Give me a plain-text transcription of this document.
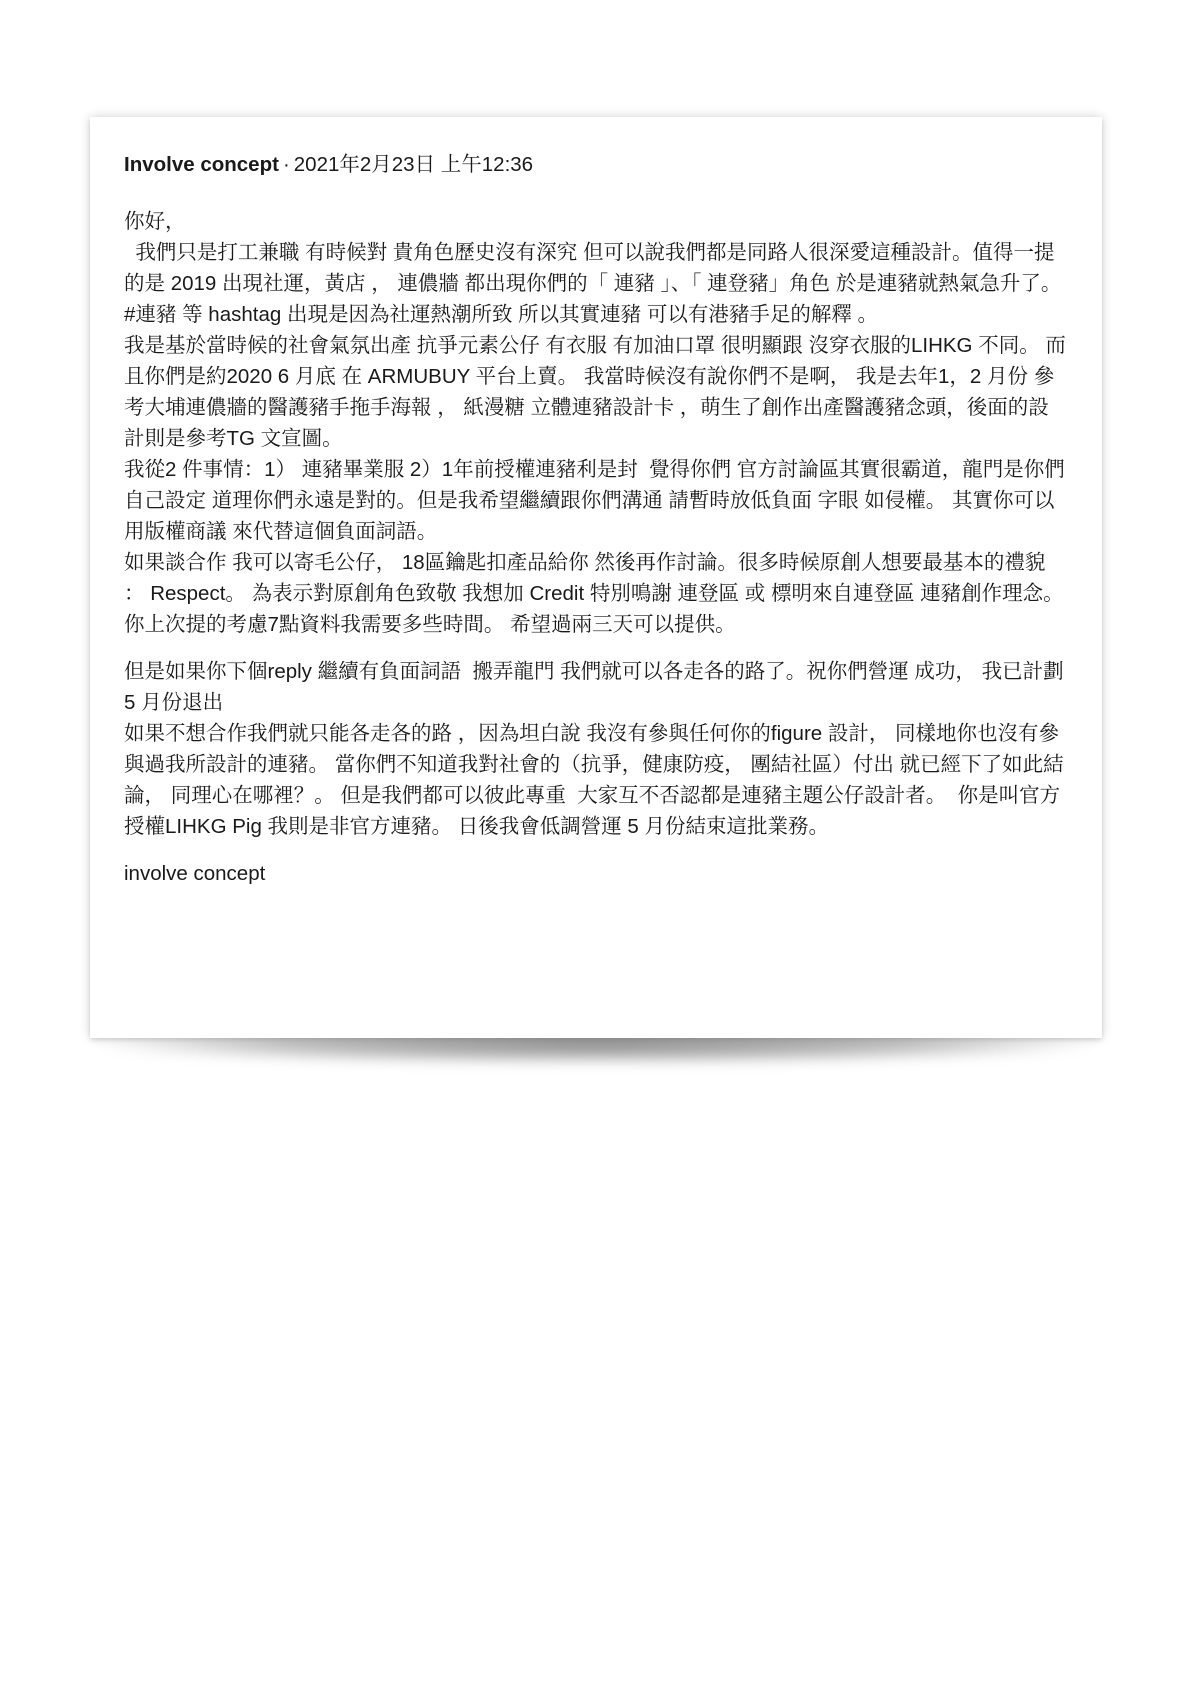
Involve concept · 2021年2月23日 上午12:36

你好，

我們只是打工兼職 有時候對 貴角色歷史沒有深究 但可以說我們都是同路人很深愛這種設計。值得一提的是 2019 出現社運，黃店 ， 連儂牆 都出現你們的「 連豬 」、「 連登豬」角色 於是連豬就熱氣急升了。 #連豬 等 hashtag 出現是因為社運熱潮所致 所以其實連豬 可以有港豬手足的解釋 。

我是基於當時候的社會氣氛出產 抗爭元素公仔 有衣服 有加油口罩 很明顯跟 沒穿衣服的LIHKG 不同。 而且你們是約2020 6 月底 在 ARMUBUY 平台上賣。 我當時候沒有說你們不是啊， 我是去年1，2 月份 參考大埔連儂牆的醫護豬手拖手海報 ， 紙漫糖 立體連豬設計卡 ，萌生了創作出產醫護豬念頭，後面的設計則是參考TG 文宣圖。

我從2 件事情：1） 連豬畢業服 2）1年前授權連豬利是封  覺得你們 官方討論區其實很霸道，龍門是你們自己設定 道理你們永遠是對的。但是我希望繼續跟你們溝通 請暫時放低負面 字眼 如侵權。 其實你可以用版權商議 來代替這個負面詞語。

如果談合作 我可以寄毛公仔， 18區鑰匙扣產品給你 然後再作討論。很多時候原創人想要最基本的禮貌 ： Respect。 為表示對原創角色致敬 我想加 Credit 特別鳴謝 連登區 或 標明來自連登區 連豬創作理念。 你上次提的考慮7點資料我需要多些時間。 希望過兩三天可以提供。

但是如果你下個reply 繼續有負面詞語  搬弄龍門 我們就可以各走各的路了。祝你們營運 成功， 我已計劃5 月份退出

如果不想合作我們就只能各走各的路 ，因為坦白說 我沒有參與任何你的figure 設計， 同樣地你也沒有參與過我所設計的連豬。 當你們不知道我對社會的（抗爭，健康防疫， 團結社區）付出 就已經下了如此結論， 同理心在哪裡？。 但是我們都可以彼此專重  大家互不否認都是連豬主題公仔設計者。  你是叫官方授權LIHKG Pig 我則是非官方連豬。 日後我會低調營運 5 月份結束這批業務。

involve concept
